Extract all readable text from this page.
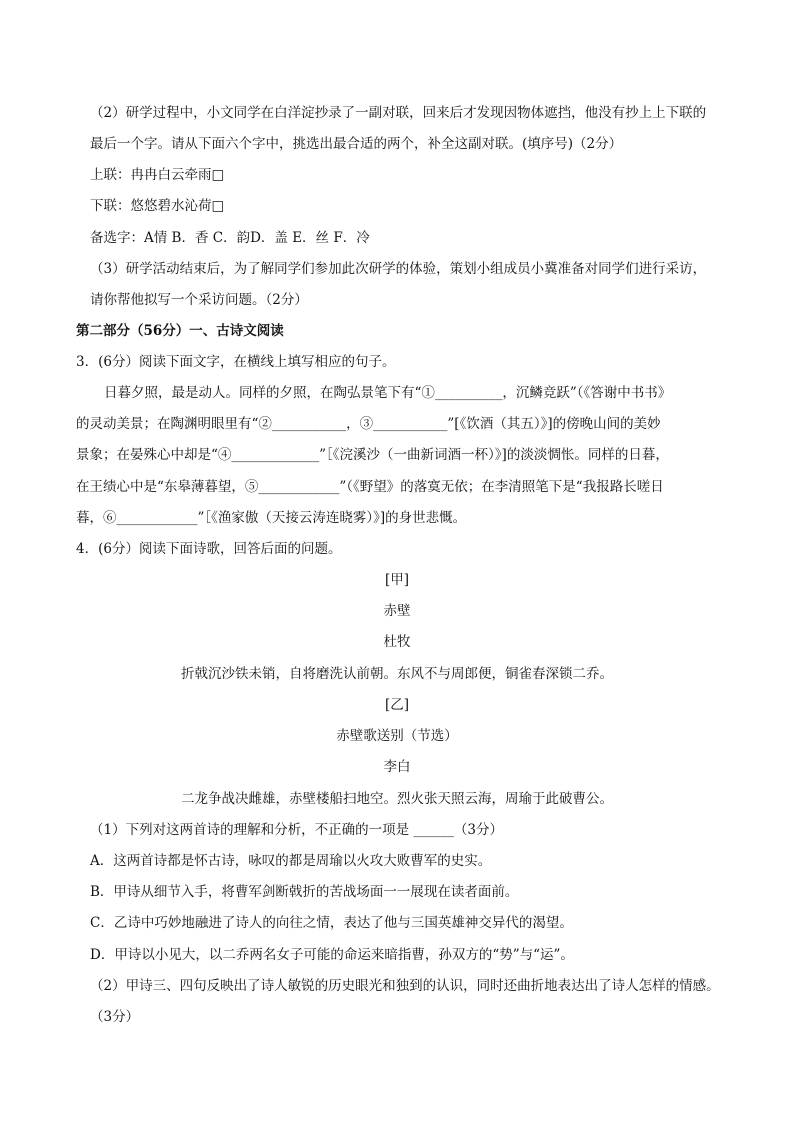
（2）研学过程中，小文同学在白洋淀抄录了一副对联，回来后才发现因物体遮挡，他没有抄上上下联的
最后一个字。请从下面六个字中，挑选出最合适的两个，补全这副对联。(填序号)（2分）
上联：冉冉白云牵雨□
下联：悠悠碧水沁荷□
备选字：A情 B．香 C．韵D．盖 E．丝 F．冷
（3）研学活动结束后，为了解同学们参加此次研学的体验，策划小组成员小冀准备对同学们进行采访，
请你帮他拟写一个采访问题。（2分）
第二部分（56分）一、古诗文阅读
3．(6分）阅读下面文字，在横线上填写相应的句子。
日暮夕照，最是动人。同样的夕照，在陶弘景笔下有“①__________，沉鳞竞跃”（《答谢中书书》
的灵动美景；在陶渊明眼里有“②___________，③___________”[《饮酒（其五）》]的傍晚山间的美妙
景象；在晏殊心中却是“④_____________”［《浣溪沙（一曲新词酒一杯）》]的淡淡惆怅。同样的日暮，
在王绩心中是“东皋薄暮望，⑤____________”（《野望》的落寞无依；在李清照笔下是“我报路长嗟日
暮，⑥____________”［《渔家傲（天接云涛连晓雾）》]的身世悲慨。
4．(6分）阅读下面诗歌，回答后面的问题。
[甲]
赤壁
杜牧
折戟沉沙铁未销，自将磨洗认前朝。东风不与周郎便，铜雀春深锁二乔。
[乙]
赤壁歌送别（节选）
李白
二龙争战决雌雄，赤壁楼船扫地空。烈火张天照云海，周瑜于此破曹公。
（1）下列对这两首诗的理解和分析，不正确的一项是 ______（3分）
A．这两首诗都是怀古诗，咏叹的都是周瑜以火攻大败曹军的史实。
B．甲诗从细节入手，将曹军剑断戟折的苦战场面一一展现在读者面前。
C．乙诗中巧妙地融进了诗人的向往之情，表达了他与三国英雄神交异代的渴望。
D．甲诗以小见大，以二乔两名女子可能的命运来暗指曹，孙双方的“势”与“运”。
（2）甲诗三、四句反映出了诗人敏锐的历史眼光和独到的认识，同时还曲折地表达出了诗人怎样的情感。
（3分）
